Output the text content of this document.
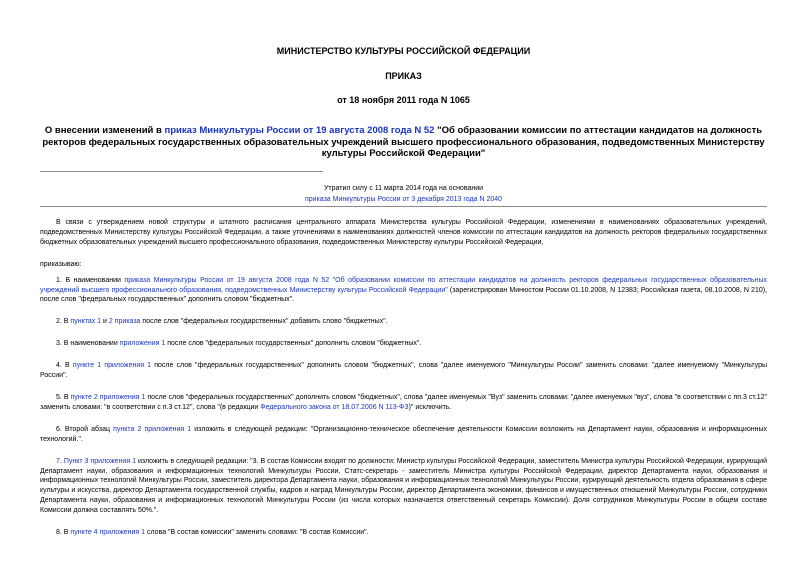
МИНИСТЕРСТВО КУЛЬТУРЫ РОССИЙСКОЙ ФЕДЕРАЦИИ
ПРИКАЗ
от 18 ноября 2011 года N 1065
О внесении изменений в приказ Минкультуры России от 19 августа 2008 года N 52 "Об образовании комиссии по аттестации кандидатов на должность ректоров федеральных государственных образовательных учреждений высшего профессионального образования, подведомственных Министерству культуры Российской Федерации"
Утратил силу с 11 марта 2014 года на основании
приказа Минкультуры России от 3 декабря 2013 года N 2040

В связи с утверждением новой структуры и штатного расписания центрального аппарата Министерства культуры Российской Федерации, изменениями в наименованиях образовательных учреждений, подведомственных Министерству культуры Российской Федерации, а также уточнениями в наименованиях должностей членов комиссии по аттестации кандидатов на должность ректоров федеральных государственных бюджетных образовательных учреждений высшего профессионального образования, подведомственных Министерству культуры Российской Федерации,

приказываю:

1. В наименовании приказа Минкультуры России от 19 августа 2008 года N 52 "Об образовании комиссии по аттестации кандидатов на должность ректоров федеральных государственных образовательных учреждений высшего профессионального образования, подведомственных Министерству культуры Российской Федерации" (зарегистрирован Минюстом России 01.10.2008, N 12383; Российская газета, 08.10.2008, N 210), после слов "федеральных государственных" дополнить словом "бюджетных".

2. В пунктах 1 и 2 приказа после слов "федеральных государственных" добавить слово "бюджетных".

3. В наименовании приложения 1 после слов "федеральных государственных" дополнить словом "бюджетных".

4. В пункте 1 приложения 1 после слов "федеральных государственных" дополнить словом "бюджетных", слова "далее именуемого "Минкультуры России" заменить словами: "далее именуемому "Минкультуры России".

5. В пункте 2 приложения 1 после слов "федеральных государственных" дополнить словом "бюджетных", слова "далее именуемых "Вуз" заменить словами: "далее именуемых "вуз", слова "в соответствии с пп.3 ст.12" заменить словами: "в соответствии с п.3 ст.12", слова "(в редакции Федерального закона от 18.07.2006 N 113-ФЗ)" исключить.

6. Второй абзац пункта 2 приложения 1 изложить в следующей редакции: "Организационно-техническое обеспечение деятельности Комиссии возложить на Департамент науки, образования и информационных технологий.".

7. Пункт 3 приложения 1 изложить в следующей редакции: "3. В состав Комиссии входят по должности: Министр культуры Российской Федерации, заместитель Министра культуры Российской Федерации, курирующий Департамент науки, образования и информационных технологий Минкультуры России, Статс-секретарь - заместитель Министра культуры Российской Федерации, директор Департамента науки, образования и информационных технологий Минкультуры России, заместитель директора Департамента науки, образования и информационных технологий Минкультуры России, курирующий деятельность отдела образования в сфере культуры и искусства, директор Департамента государственной службы, кадров и наград Минкультуры России, директор Департамента экономики, финансов и имущественных отношений Минкультуры России, сотрудники Департамента науки, образования и информационных технологий Минкультуры России (из числа которых назначается ответственный секретарь Комиссии). Доля сотрудников Минкультуры России в общем составе Комиссии должна составлять 50%.".

8. В пункте 4 приложения 1 слова "В состав комиссии" заменить словами: "В состав Комиссии".
